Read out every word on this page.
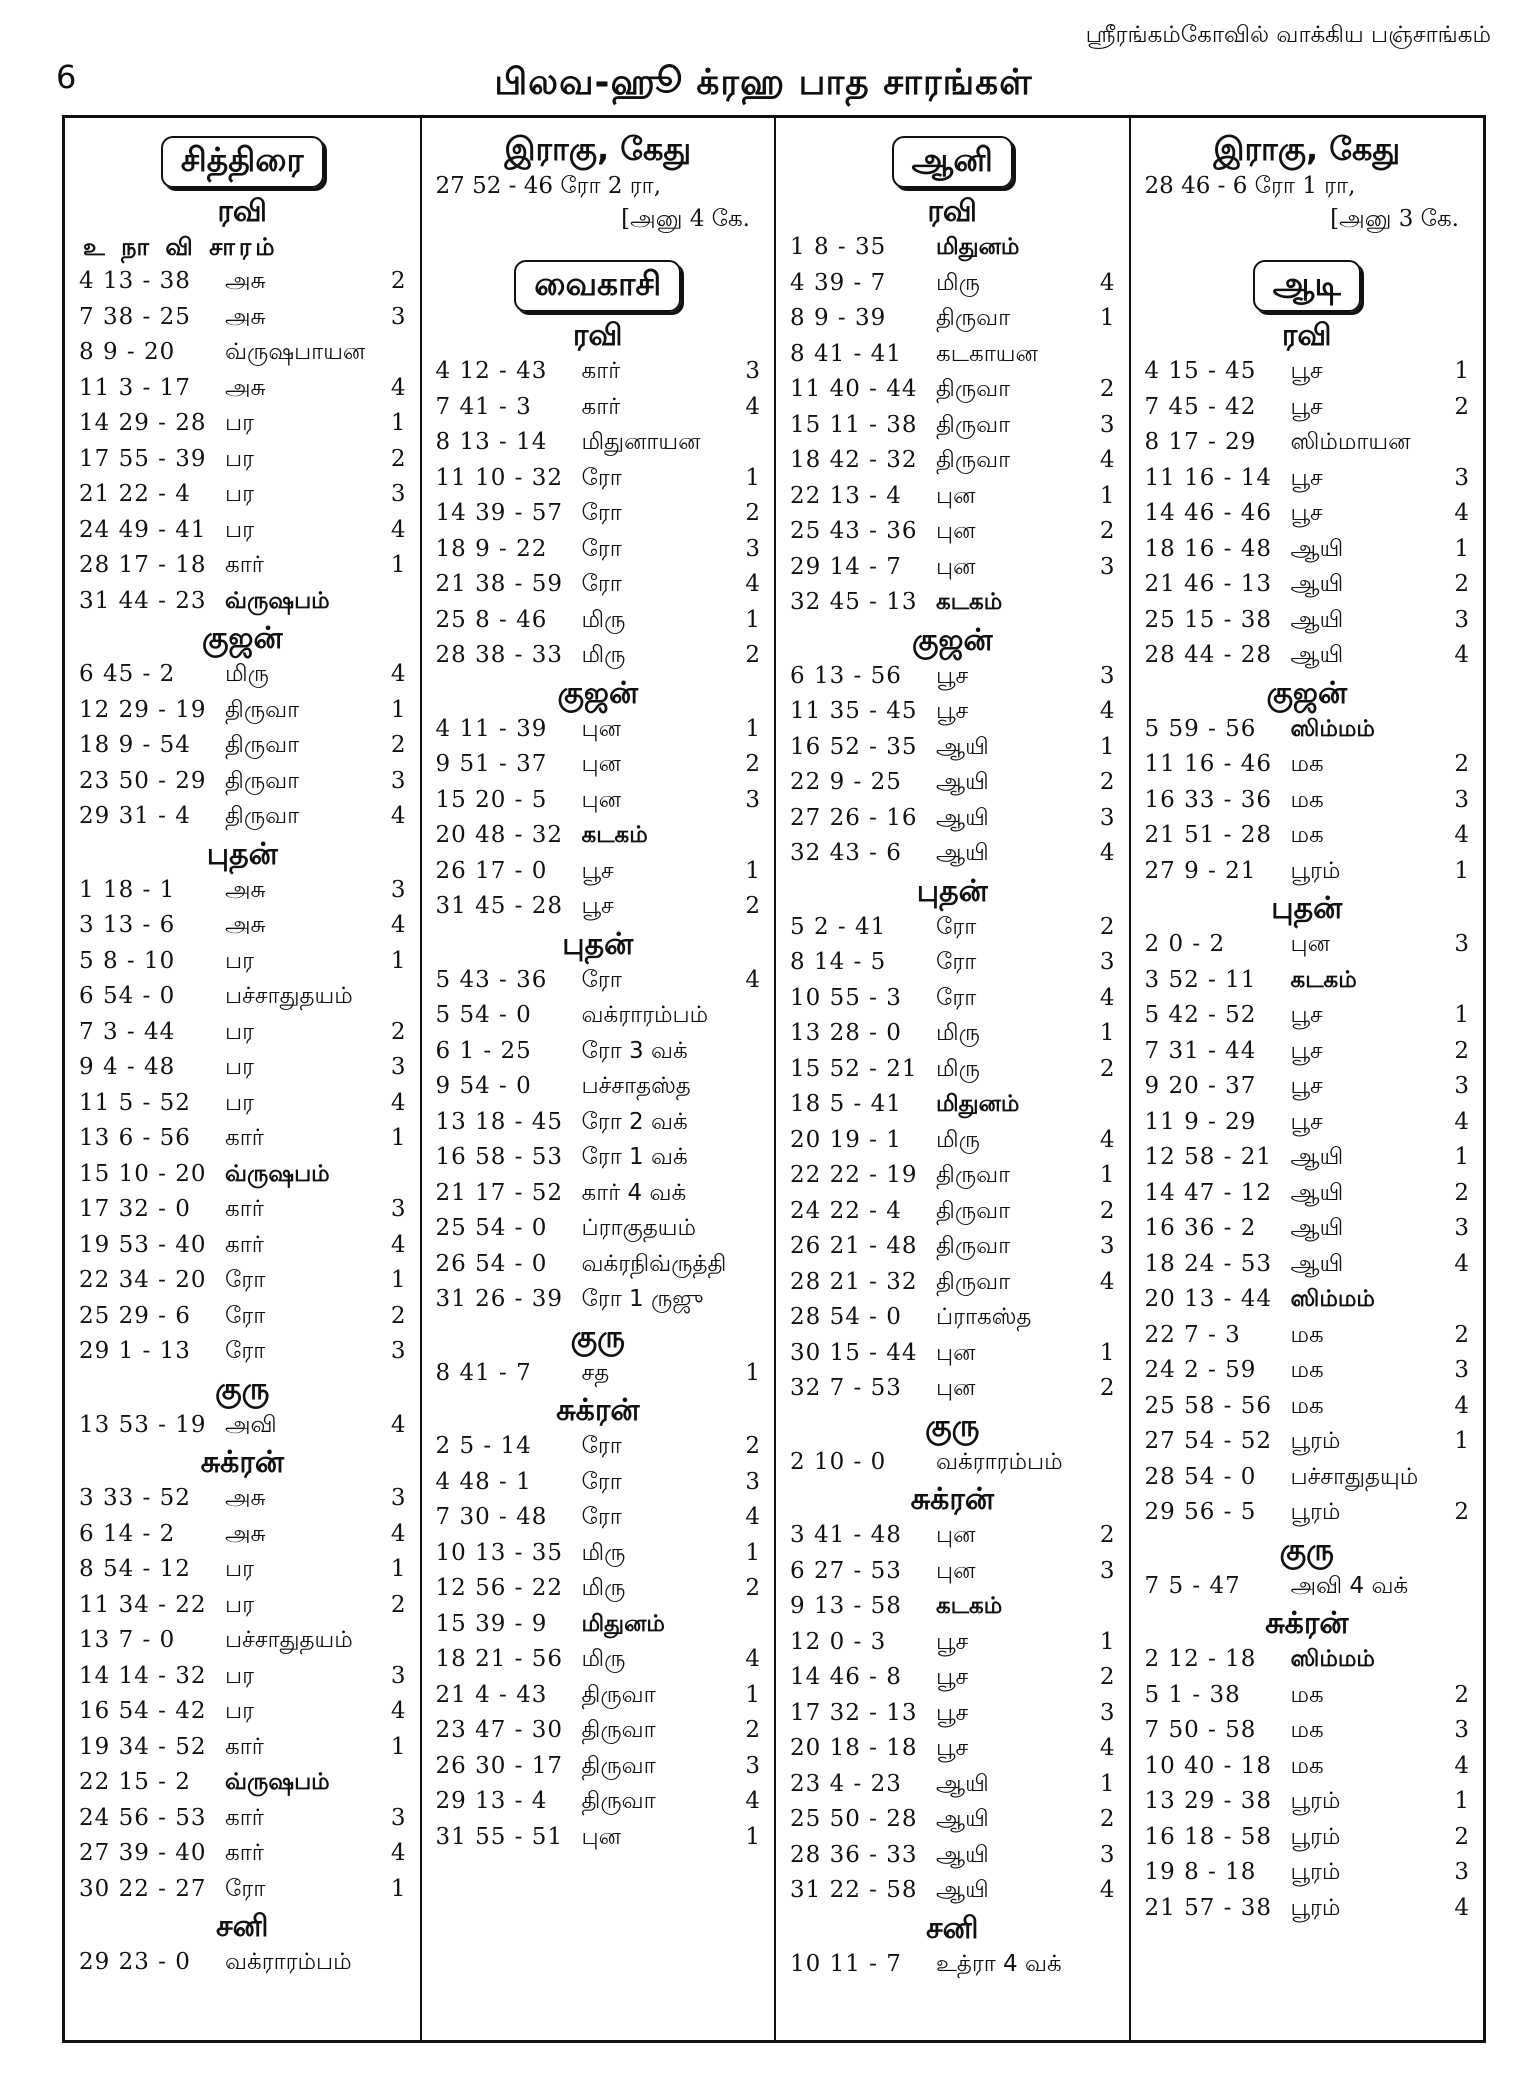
6
ஸ்ரீரங்கம்கோவில் வாக்கிய பஞ்சாங்கம்
பிலவ-ஹூ க்ரஹ பாத சாரங்கள்
சித்திரை
ரவி
உ நா வி சாரம்
4 13 - 38	அசு	2
7 38 - 25	அசு	3
8 9 - 20	வ்ருஷபாயன
11 3 - 17	அசு	4
14 29 - 28 பர	1
17 55 - 39 பர	2
21 22 - 4	பர	3
24 49 - 41 பர	4
28 17 - 18 கார்	1
31 44 - 23 வ்ருஷபம்
குஜன்
6 45 - 2	மிரு	4
12 29 - 19 திருவா	1
18 9 - 54	திருவா	2
23 50 - 29 திருவா	3
29 31 - 4	திருவா	4
புதன்
1 18 - 1	அசு	3
3 13 - 6	அசு	4
5 8 - 10	பர	1
6 54 - 0	பச்சாதுதயம்
7 3 - 44	பர	2
9 4 - 48	பர	3
11 5 - 52	பர	4
13 6 - 56	கார்	1
15 10 - 20 வ்ருஷபம்
17 32 - 0	கார்	3
19 53 - 40 கார்	4
22 34 - 20 ரோ	1
25 29 - 6	ரோ	2
29 1 - 13	ரோ	3
குரு
13 53 - 19 அவி	4
சுக்ரன்
3 33 - 52	அசு	3
6 14 - 2	அசு	4
8 54 - 12	பர	1
11 34 - 22 பர	2
13 7 - 0	பச்சாதுதயம்
14 14 - 32 பர	3
16 54 - 42 பர	4
19 34 - 52 கார்	1
22 15 - 2	வ்ருஷபம்
24 56 - 53 கார்	3
27 39 - 40 கார்	4
30 22 - 27 ரோ	1
சனி
29 23 - 0	வக்ராரம்பம்
இராகு, கேது
27 52 - 46 ரோ 2 ரா,
[அனு 4 கே.
வைகாசி
ரவி
4 12 - 43	கார்	3
7 41 - 3	கார்	4
8 13 - 14	மிதுனாயன
11 10 - 32 ரோ	1
14 39 - 57 ரோ	2
18 9 - 22	ரோ	3
21 38 - 59 ரோ	4
25 8 - 46	மிரு	1
28 38 - 33 மிரு	2
குஜன்
4 11 - 39	புன	1
9 51 - 37	புன	2
15 20 - 5	புன	3
20 48 - 32 கடகம்
26 17 - 0	பூச	1
31 45 - 28 பூச	2
புதன்
5 43 - 36	ரோ	4
5 54 - 0	வக்ராரம்பம்
6 1 - 25	ரோ 3 வக்
9 54 - 0	பச்சாதஸ்த
13 18 - 45 ரோ 2 வக்
16 58 - 53 ரோ 1 வக்
21 17 - 52 கார் 4 வக்
25 54 - 0	ப்ராகுதயம்
26 54 - 0	வக்ரநிவ்ருத்தி
31 26 - 39 ரோ 1 ருஜு
குரு
8 41 - 7	சத	1
சுக்ரன்
2 5 - 14	ரோ	2
4 48 - 1	ரோ	3
7 30 - 48	ரோ	4
10 13 - 35 மிரு	1
12 56 - 22 மிரு	2
15 39 - 9	மிதுனம்
18 21 - 56 மிரு	4
21 4 - 43	திருவா	1
23 47 - 30 திருவா	2
26 30 - 17 திருவா	3
29 13 - 4	திருவா	4
31 55 - 51 புன	1
ஆனி
ரவி
1 8 - 35	மிதுனம்
4 39 - 7	மிரு	4
8 9 - 39	திருவா	1
8 41 - 41	கடகாயன
11 40 - 44 திருவா	2
15 11 - 38 திருவா	3
18 42 - 32 திருவா	4
22 13 - 4	புன	1
25 43 - 36 புன	2
29 14 - 7	புன	3
32 45 - 13 கடகம்
குஜன்
6 13 - 56	பூச	3
11 35 - 45 பூச	4
16 52 - 35 ஆயி	1
22 9 - 25	ஆயி	2
27 26 - 16 ஆயி	3
32 43 - 6	ஆயி	4
புதன்
5 2 - 41	ரோ	2
8 14 - 5	ரோ	3
10 55 - 3	ரோ	4
13 28 - 0	மிரு	1
15 52 - 21 மிரு	2
18 5 - 41	மிதுனம்
20 19 - 1	மிரு	4
22 22 - 19 திருவா	1
24 22 - 4	திருவா	2
26 21 - 48 திருவா	3
28 21 - 32 திருவா	4
28 54 - 0	ப்ராகஸ்த
30 15 - 44 புன	1
32 7 - 53	புன	2
குரு
2 10 - 0	வக்ராரம்பம்
சுக்ரன்
3 41 - 48	புன	2
6 27 - 53	புன	3
9 13 - 58	கடகம்
12 0 - 3	பூச	1
14 46 - 8	பூச	2
17 32 - 13 பூச	3
20 18 - 18 பூச	4
23 4 - 23	ஆயி	1
25 50 - 28 ஆயி	2
28 36 - 33 ஆயி	3
31 22 - 58 ஆயி	4
சனி
10 11 - 7	உத்ரா 4 வக்
இராகு, கேது
28 46 - 6 ரோ 1 ரா,
[அனு 3 கே.
ஆடி
ரவி
4 15 - 45	பூச	1
7 45 - 42	பூச	2
8 17 - 29	ஸிம்மாயன
11 16 - 14 பூச	3
14 46 - 46 பூச	4
18 16 - 48 ஆயி	1
21 46 - 13 ஆயி	2
25 15 - 38 ஆயி	3
28 44 - 28 ஆயி	4
குஜன்
5 59 - 56	ஸிம்மம்
11 16 - 46 மக	2
16 33 - 36 மக	3
21 51 - 28 மக	4
27 9 - 21	பூரம்	1
புதன்
2 0 - 2	புன	3
3 52 - 11	கடகம்
5 42 - 52	பூச	1
7 31 - 44	பூச	2
9 20 - 37	பூச	3
11 9 - 29	பூச	4
12 58 - 21 ஆயி	1
14 47 - 12 ஆயி	2
16 36 - 2	ஆயி	3
18 24 - 53 ஆயி	4
20 13 - 44 ஸிம்மம்
22 7 - 3	மக	2
24 2 - 59	மக	3
25 58 - 56 மக	4
27 54 - 52 பூரம்	1
28 54 - 0	பச்சாதுதயும்
29 56 - 5	பூரம்	2
குரு
7 5 - 47	அவி 4 வக்
சுக்ரன்
2 12 - 18	ஸிம்மம்
5 1 - 38	மக	2
7 50 - 58	மக	3
10 40 - 18 மக	4
13 29 - 38 பூரம்	1
16 18 - 58 பூரம்	2
19 8 - 18	பூரம்	3
21 57 - 38 பூரம்	4
